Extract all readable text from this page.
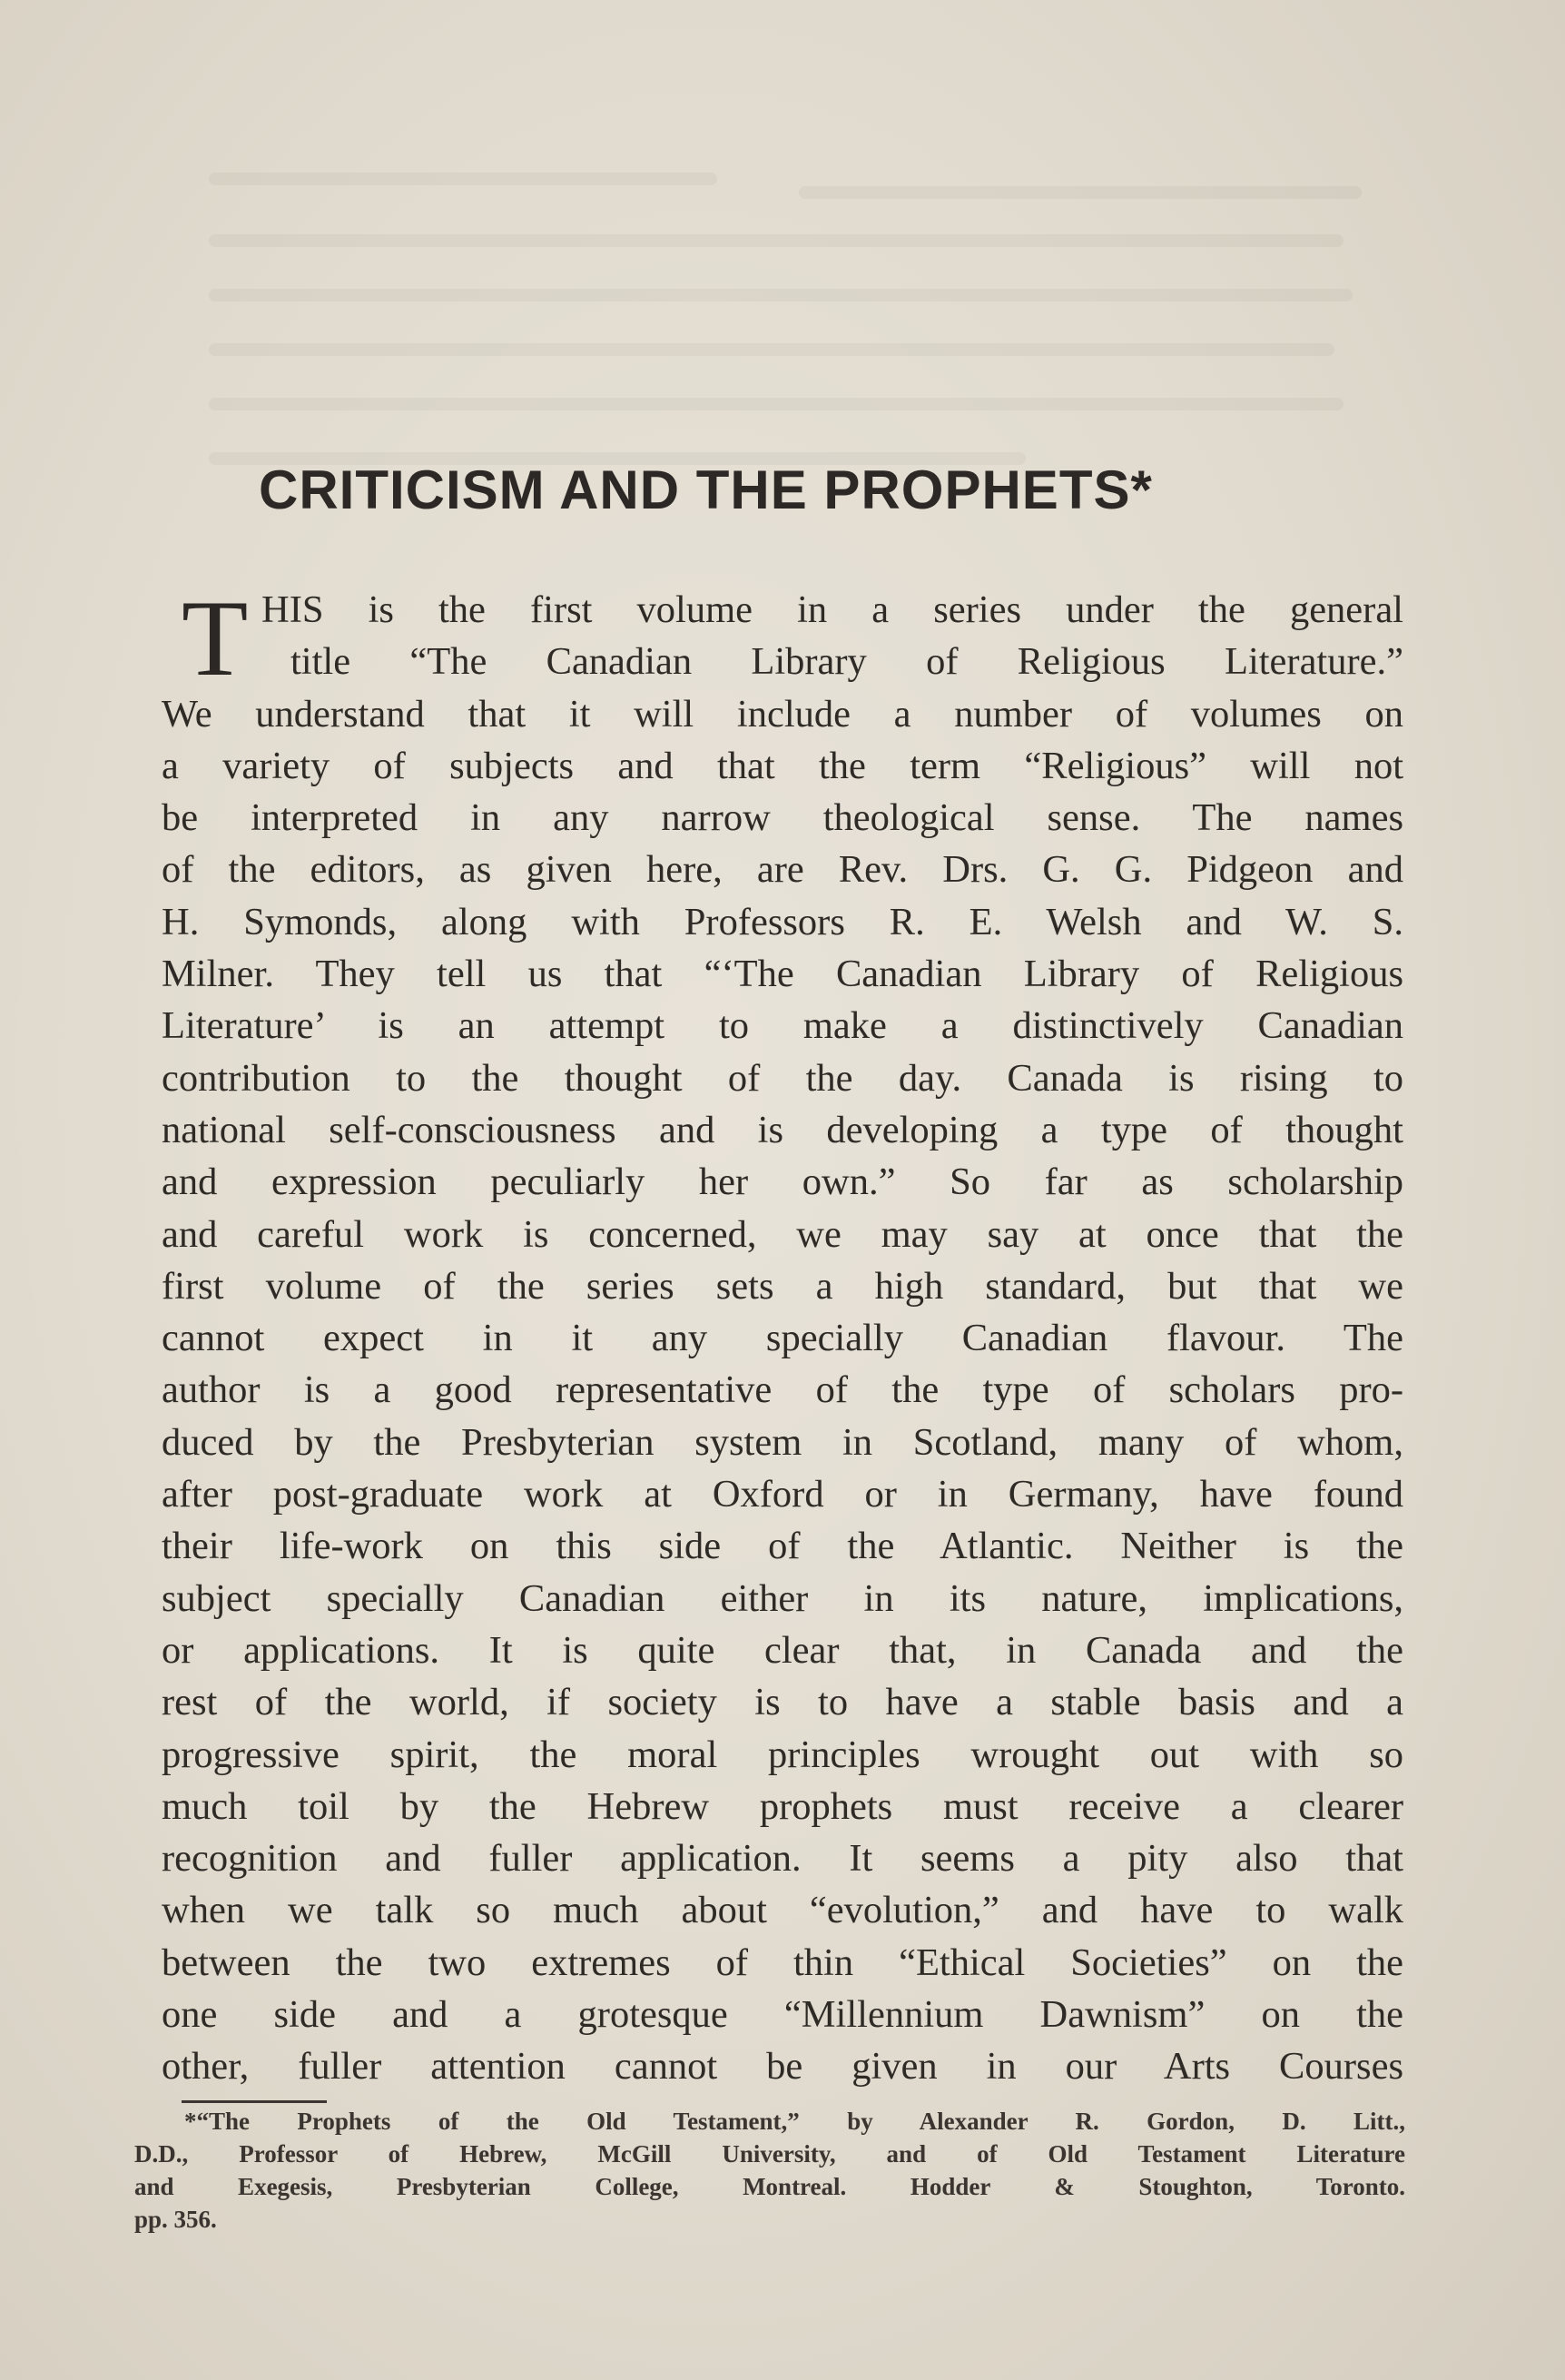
CRITICISM AND THE PROPHETS*
T HIS is the first volume in a series under the general
title “The Canadian Library of Religious Literature.”
We understand that it will include a number of volumes on
a variety of subjects and that the term “Religious” will not
be interpreted in any narrow theological sense. The names
of the editors, as given here, are Rev. Drs. G. G. Pidgeon and
H. Symonds, along with Professors R. E. Welsh and W. S.
Milner. They tell us that “‘The Canadian Library of Religious
Literature’ is an attempt to make a distinctively Canadian
contribution to the thought of the day. Canada is rising to
national self-consciousness and is developing a type of thought
and expression peculiarly her own.” So far as scholarship
and careful work is concerned, we may say at once that the
first volume of the series sets a high standard, but that we
cannot expect in it any specially Canadian flavour. The
author is a good representative of the type of scholars pro-
duced by the Presbyterian system in Scotland, many of whom,
after post-graduate work at Oxford or in Germany, have found
their life-work on this side of the Atlantic. Neither is the
subject specially Canadian either in its nature, implications,
or applications. It is quite clear that, in Canada and the
rest of the world, if society is to have a stable basis and a
progressive spirit, the moral principles wrought out with so
much toil by the Hebrew prophets must receive a clearer
recognition and fuller application. It seems a pity also that
when we talk so much about “evolution,” and have to walk
between the two extremes of thin “Ethical Societies” on the
one side and a grotesque “Millennium Dawnism” on the
other, fuller attention cannot be given in our Arts Courses
*“The Prophets of the Old Testament,” by Alexander R. Gordon, D. Litt.,
D.D., Professor of Hebrew, McGill University, and of Old Testament Literature
and Exegesis, Presbyterian College, Montreal. Hodder & Stoughton, Toronto.
pp. 356.
